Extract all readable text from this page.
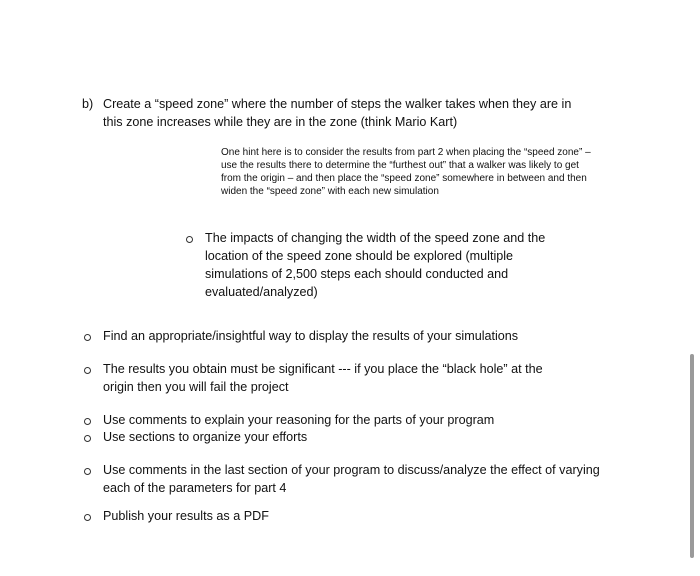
b) Create a “speed zone” where the number of steps the walker takes when they are in this zone increases while they are in the zone (think Mario Kart)

One hint here is to consider the results from part 2 when placing the “speed zone” – use the results there to determine the “furthest out” that a walker was likely to get from the origin – and then place the “speed zone” somewhere in between and then widen the “speed zone” with each new simulation

The impacts of changing the width of the speed zone and the location of the speed zone should be explored (multiple simulations of 2,500 steps each should conducted and evaluated/analyzed)

Find an appropriate/insightful way to display the results of your simulations

The results you obtain must be significant --- if you place the “black hole” at the origin then you will fail the project

Use comments to explain your reasoning for the parts of your program

Use sections to organize your efforts

Use comments in the last section of your program to discuss/analyze the effect of varying each of the parameters for part 4

Publish your results as a PDF
